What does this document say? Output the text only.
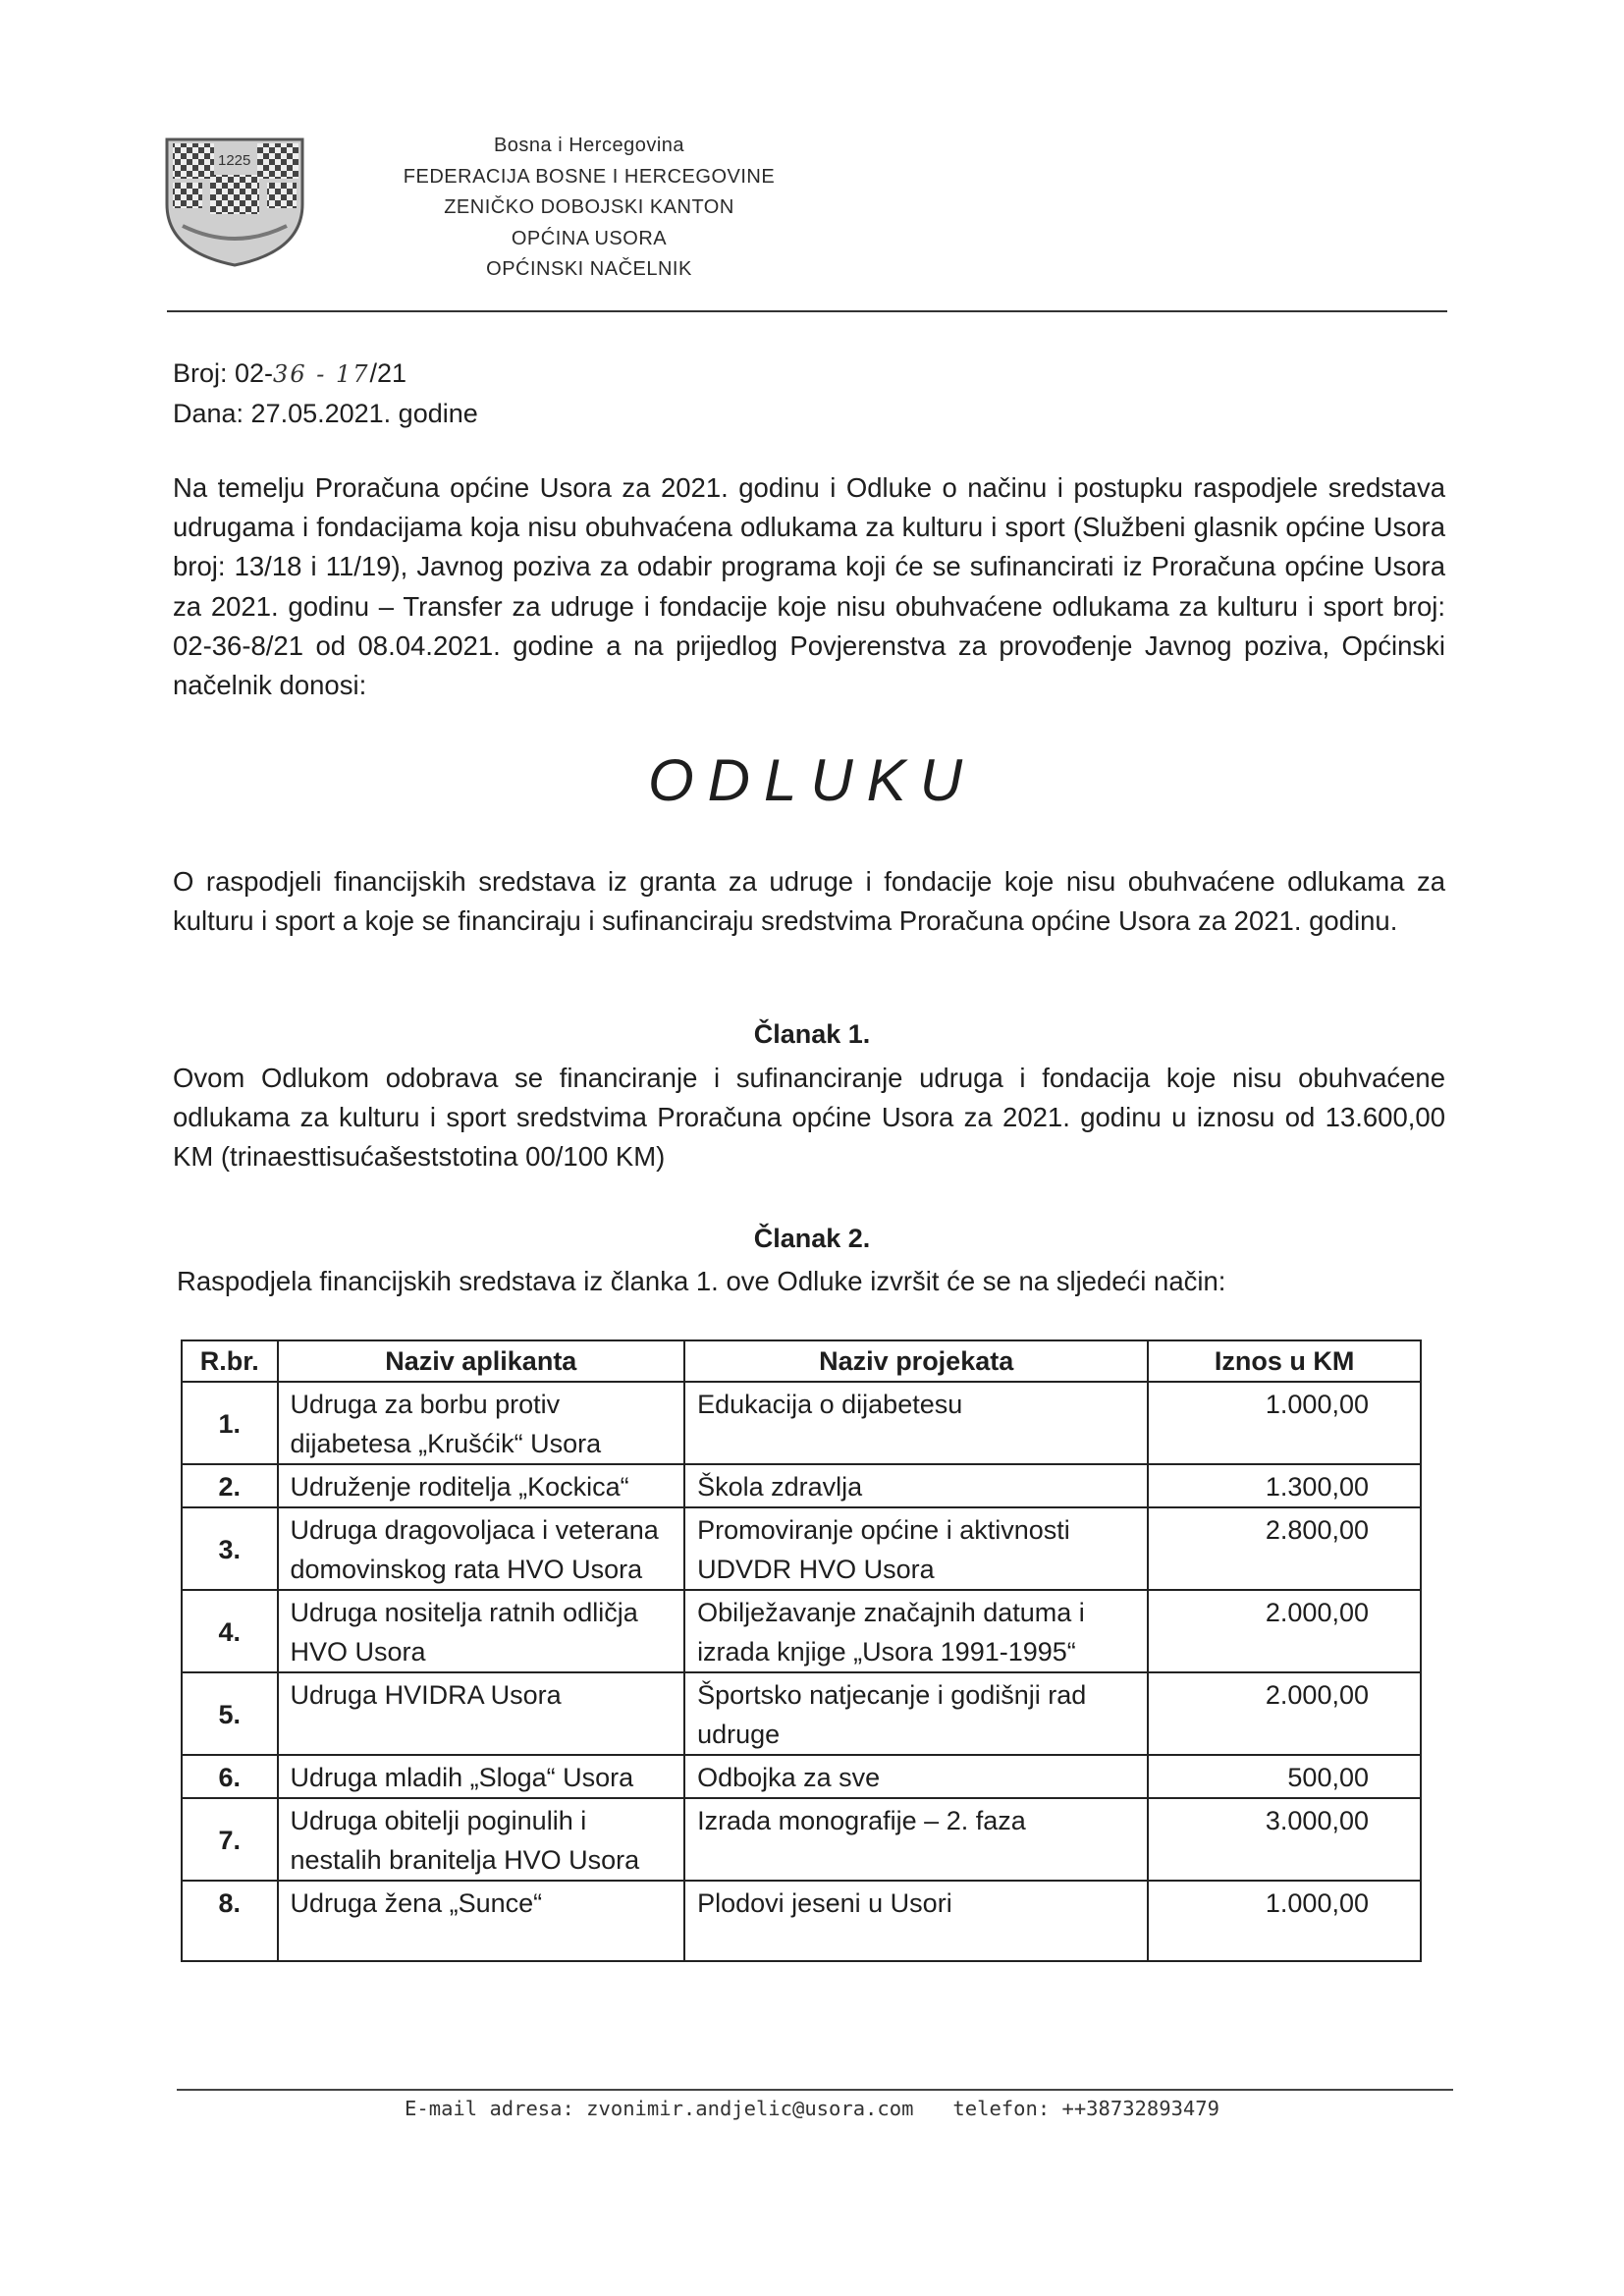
1225
Bosna i Hercegovina
FEDERACIJA BOSNE I HERCEGOVINE
ZENIČKO DOBOJSKI KANTON
OPĆINA USORA
OPĆINSKI NAČELNIK
Broj: 02-36 - 17/21
Dana: 27.05.2021. godine
Na temelju Proračuna općine Usora za 2021. godinu i Odluke o načinu i postupku raspodjele sredstava udrugama i fondacijama koja nisu obuhvaćena odlukama za kulturu i sport (Službeni glasnik općine Usora broj: 13/18 i 11/19), Javnog poziva za odabir programa koji će se sufinancirati iz Proračuna općine Usora za 2021. godinu – Transfer za udruge i fondacije koje nisu obuhvaćene odlukama za kulturu i sport broj: 02-36-8/21 od 08.04.2021. godine a na prijedlog Povjerenstva za provođenje Javnog poziva, Općinski načelnik donosi:
ODLUKU
O raspodjeli financijskih sredstava iz granta za udruge i fondacije koje nisu obuhvaćene odlukama za kulturu i sport a koje se financiraju i sufinanciraju sredstvima Proračuna općine Usora za 2021. godinu.
Članak 1.
Ovom Odlukom odobrava se financiranje i sufinanciranje udruga i fondacija koje nisu obuhvaćene odlukama za kulturu i sport sredstvima Proračuna općine Usora za 2021. godinu u iznosu od 13.600,00 KM (trinaesttisućašeststotina 00/100 KM)
Članak 2.
Raspodjela financijskih sredstava iz članka 1. ove Odluke izvršit će se na sljedeći način:
R.br.	Naziv aplikanta	Naziv projekata	Iznos u KM
1.	Udruga za borbu protiv dijabetesa „Krušćik“ Usora	Edukacija o dijabetesu	1.000,00
2.	Udruženje roditelja „Kockica“	Škola zdravlja	1.300,00
3.	Udruga dragovoljaca i veterana domovinskog rata HVO Usora	Promoviranje općine i aktivnosti UDVDR HVO Usora	2.800,00
4.	Udruga nositelja ratnih odličja HVO Usora	Obilježavanje značajnih datuma i izrada knjige „Usora 1991-1995“	2.000,00
5.	Udruga HVIDRA Usora	Športsko natjecanje i godišnji rad udruge	2.000,00
6.	Udruga mladih „Sloga“ Usora	Odbojka za sve	500,00
7.	Udruga obitelji poginulih i nestalih branitelja HVO Usora	Izrada monografije – 2. faza	3.000,00
8.	Udruga žena „Sunce“	Plodovi jeseni u Usori	1.000,00
E-mail adresa: zvonimir.andjelic@usora.com telefon: ++38732893479
